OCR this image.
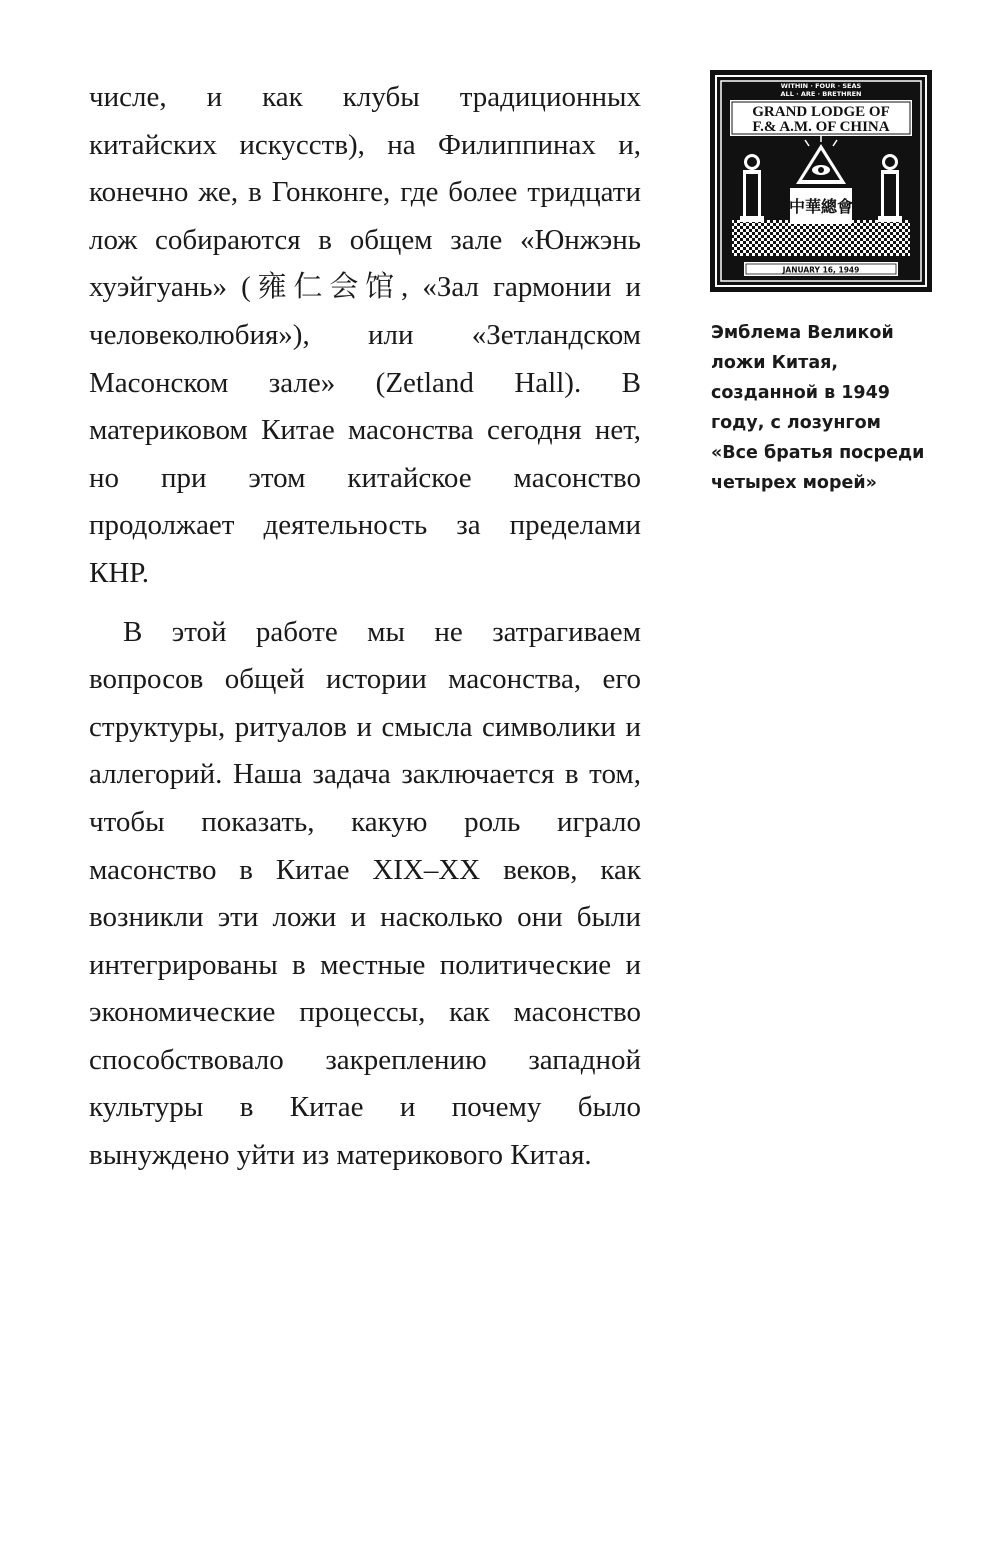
числе, и как клубы традиционных китайских искусств), на Филиппинах и, конечно же, в Гонконге, где более тридцати лож собираются в общем зале «Юнжэнь хуэйгуань» (雍仁会馆, «Зал гармонии и человеколюбия»), или «Зетландском Масонском зале» (Zetland Hall). В материковом Китае масонства сегодня нет, но при этом китайское масонство продолжает деятельность за пределами КНР.

В этой работе мы не затрагиваем вопросов общей истории масонства, его структуры, ритуалов и смысла символики и аллегорий. Наша задача заключается в том, чтобы показать, какую роль играло масонство в Китае XIX–XX веков, как возникли эти ложи и насколько они были интегрированы в местные политические и экономические процессы, как масонство способствовало закреплению западной культуры в Китае и почему было вынуждено уйти из материкового Китая.

WITHIN · FOUR · SEAS
ALL · ARE · BRETHREN
GRAND LODGE OF
F.& A.M. OF CHINA
中華總會
JANUARY 16, 1949

Эмблема Великой ложи Китая, созданной в 1949 году, с лозунгом «Все братья посреди четырех морей»
